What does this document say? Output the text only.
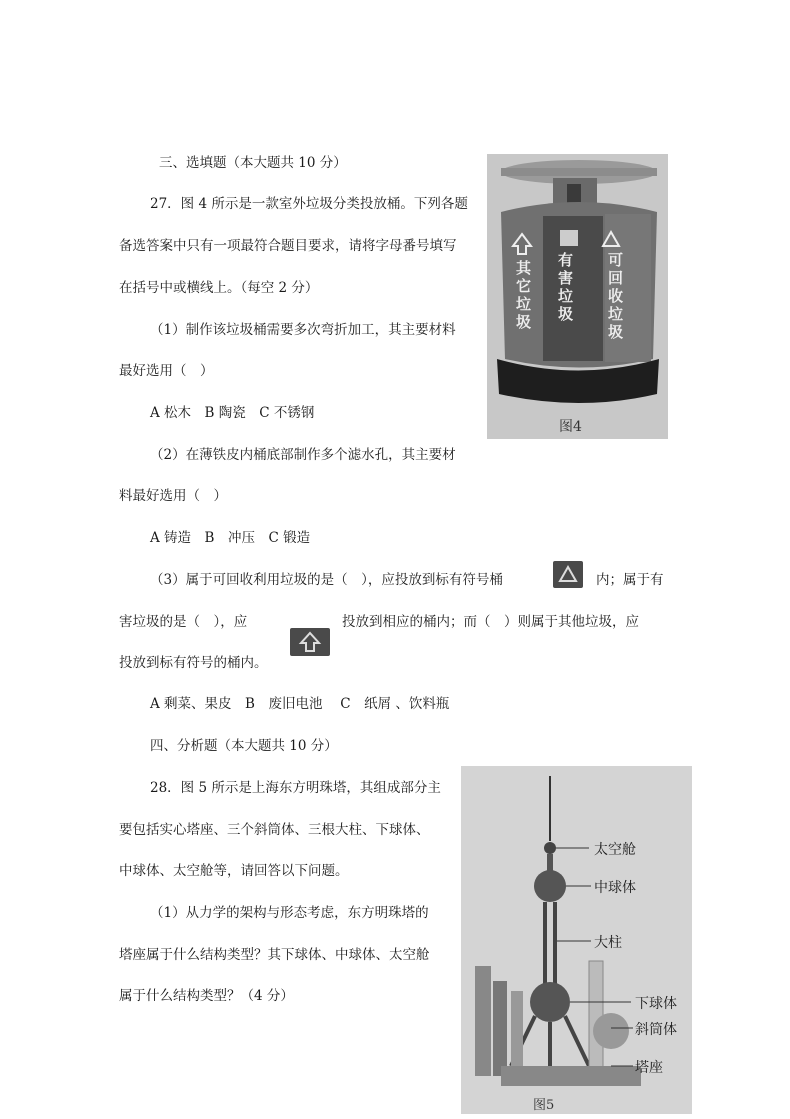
三、选填题（本大题共 10 分）
27．图 4 所示是一款室外垃圾分类投放桶。下列各题
备选答案中只有一项最符合题目要求，请将字母番号填写
在括号中或横线上。（每空 2 分）
（1）制作该垃圾桶需要多次弯折加工，其主要材料
最好选用（　）
A 松木　B 陶瓷　C 不锈钢
（2）在薄铁皮内桶底部制作多个滤水孔，其主要材
料最好选用（　）
A 铸造　B　冲压　C 锻造
（3）属于可回收利用垃圾的是（　），应投放到标有符号桶	内；属于有
害垃圾的是（　），应	投放到相应的桶内；而（　）则属于其他垃圾，应
投放到标有符号的桶内。
A 剩菜、果皮　B　废旧电池　 C　纸屑 、饮料瓶
四、分析题（本大题共 10 分）
28．图 5 所示是上海东方明珠塔，其组成部分主
要包括实心塔座、三个斜筒体、三根大柱、下球体、
中球体、太空舱等，请回答以下问题。
（1）从力学的架构与形态考虑，东方明珠塔的
塔座属于什么结构类型？其下球体、中球体、太空舱
属于什么结构类型？（4 分）
其它垃圾 有害垃圾 可回收垃圾
图4
太空舱
中球体
大柱
下球体
斜筒体
塔座
图5
